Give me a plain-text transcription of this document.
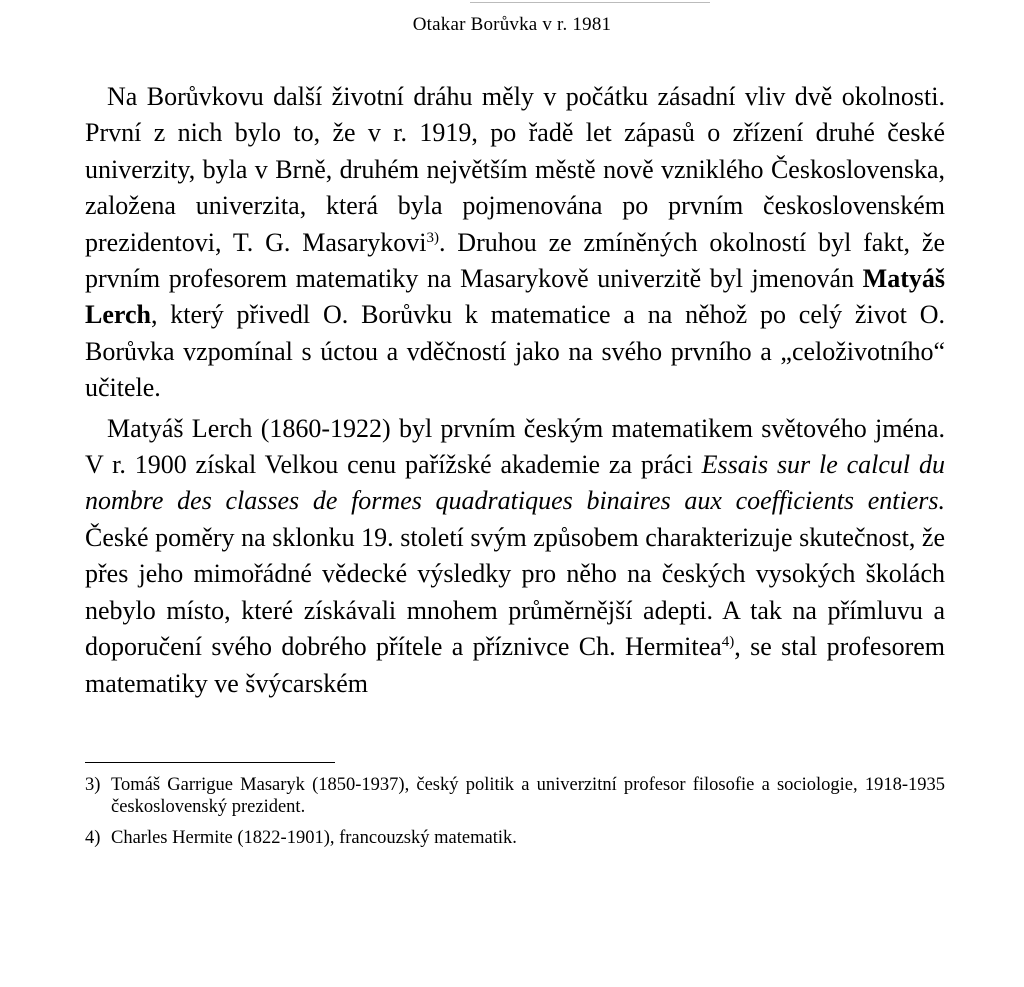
Otakar Borůvka v r. 1981

Na Borůvkovu další životní dráhu měly v počátku zásadní vliv dvě okolnosti. První z nich bylo to, že v r. 1919, po řadě let zápasů o zřízení druhé české univerzity, byla v Brně, druhém největším městě nově vzniklého Československa, založena univerzita, která byla pojmenována po prvním československém prezidentovi, T. G. Masarykovi$^{3)}$. Druhou ze zmíněných okolností byl fakt, že prvním profesorem matematiky na Masarykově univerzitě byl jmenován Matyáš Lerch, který přivedl O. Borůvku k matematice a na něhož po celý život O. Borůvka vzpomínal s úctou a vděčností jako na svého prvního a „celoživotního“ učitele.

Matyáš Lerch (1860-1922) byl prvním českým matematikem světového jména. V r. 1900 získal Velkou cenu pařížské akademie za práci Essais sur le calcul du nombre des classes de formes quadratiques binaires aux coefficients entiers. České poměry na sklonku 19. století svým způsobem charakterizuje skutečnost, že přes jeho mimořádné vědecké výsledky pro něho na českých vysokých školách nebylo místo, které získávali mnohem průměrnější adepti. A tak na přímluvu a doporučení svého dobrého přítele a příznivce Ch. Hermitea$^{4)}$, se stal profesorem matematiky ve švýcarském

3) Tomáš Garrigue Masaryk (1850-1937), český politik a univerzitní profesor filosofie a sociologie, 1918-1935 československý prezident.
4) Charles Hermite (1822-1901), francouzský matematik.
